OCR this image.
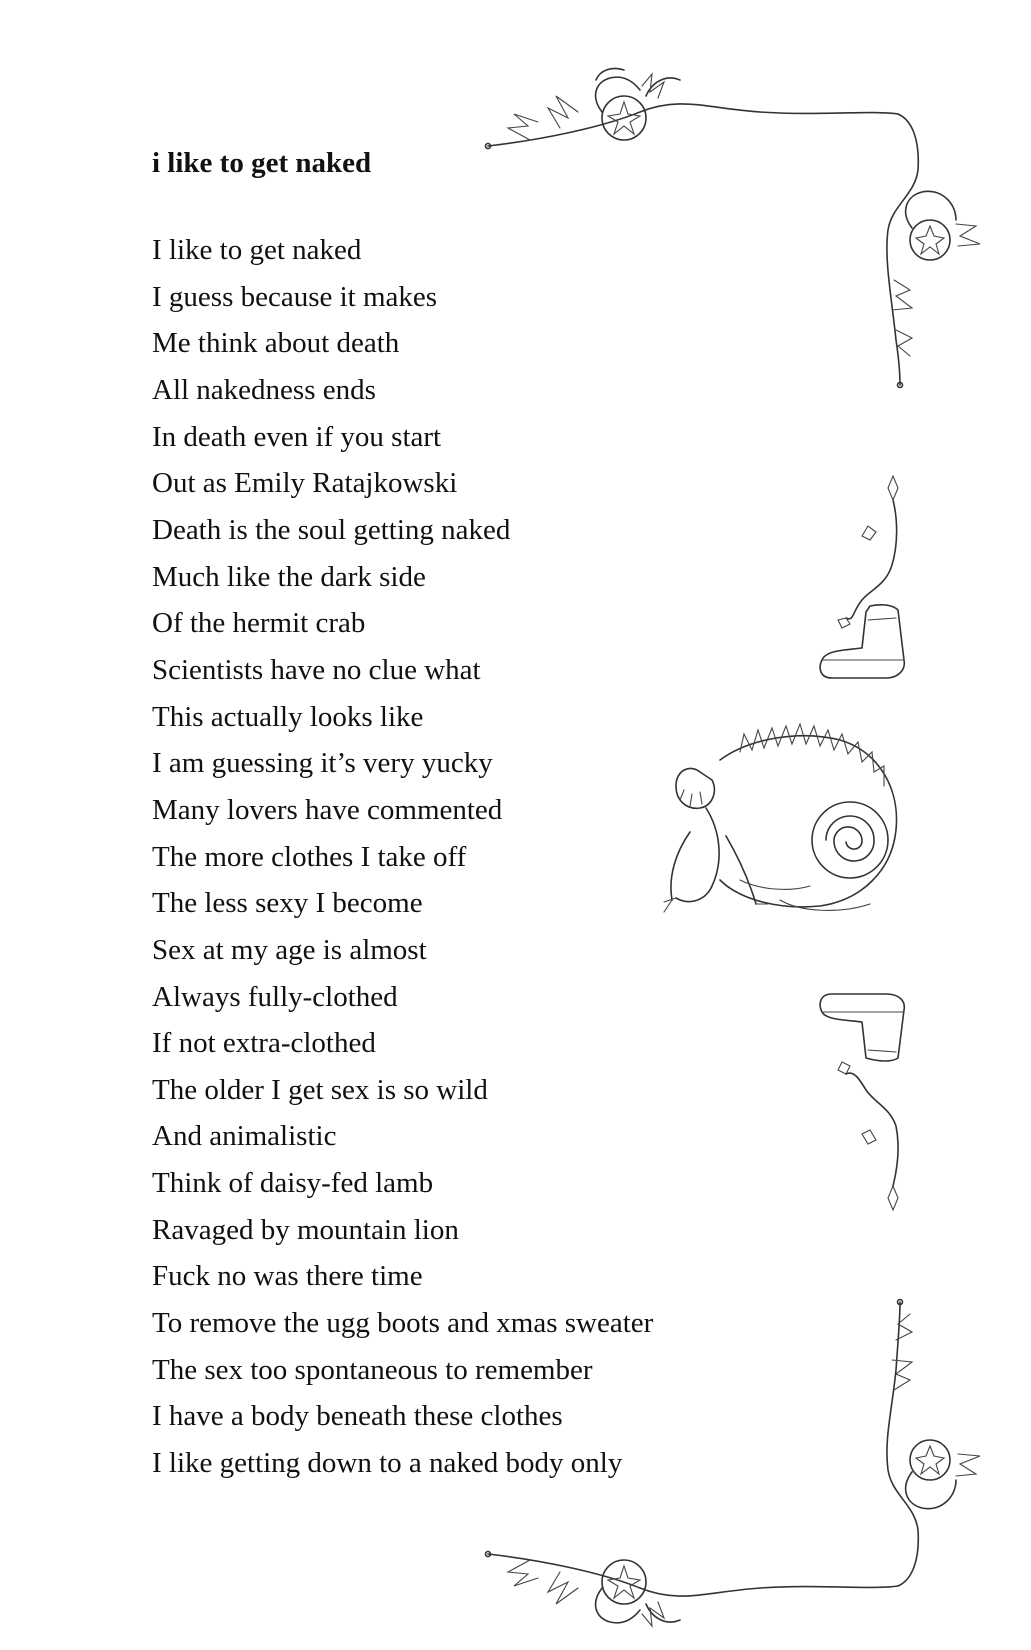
i like to get naked
I like to get naked
I guess because it makes
Me think about death
All nakedness ends
In death even if you start
Out as Emily Ratajkowski
Death is the soul getting naked
Much like the dark side
Of the hermit crab
Scientists have no clue what
This actually looks like
I am guessing it’s very yucky
Many lovers have commented
The more clothes I take off
The less sexy I become
Sex at my age is almost
Always fully-clothed
If not extra-clothed
The older I get sex is so wild
And animalistic
Think of daisy-fed lamb
Ravaged by mountain lion
Fuck no was there time
To remove the ugg boots and xmas sweater
The sex too spontaneous to remember
I have a body beneath these clothes
I like getting down to a naked body only
